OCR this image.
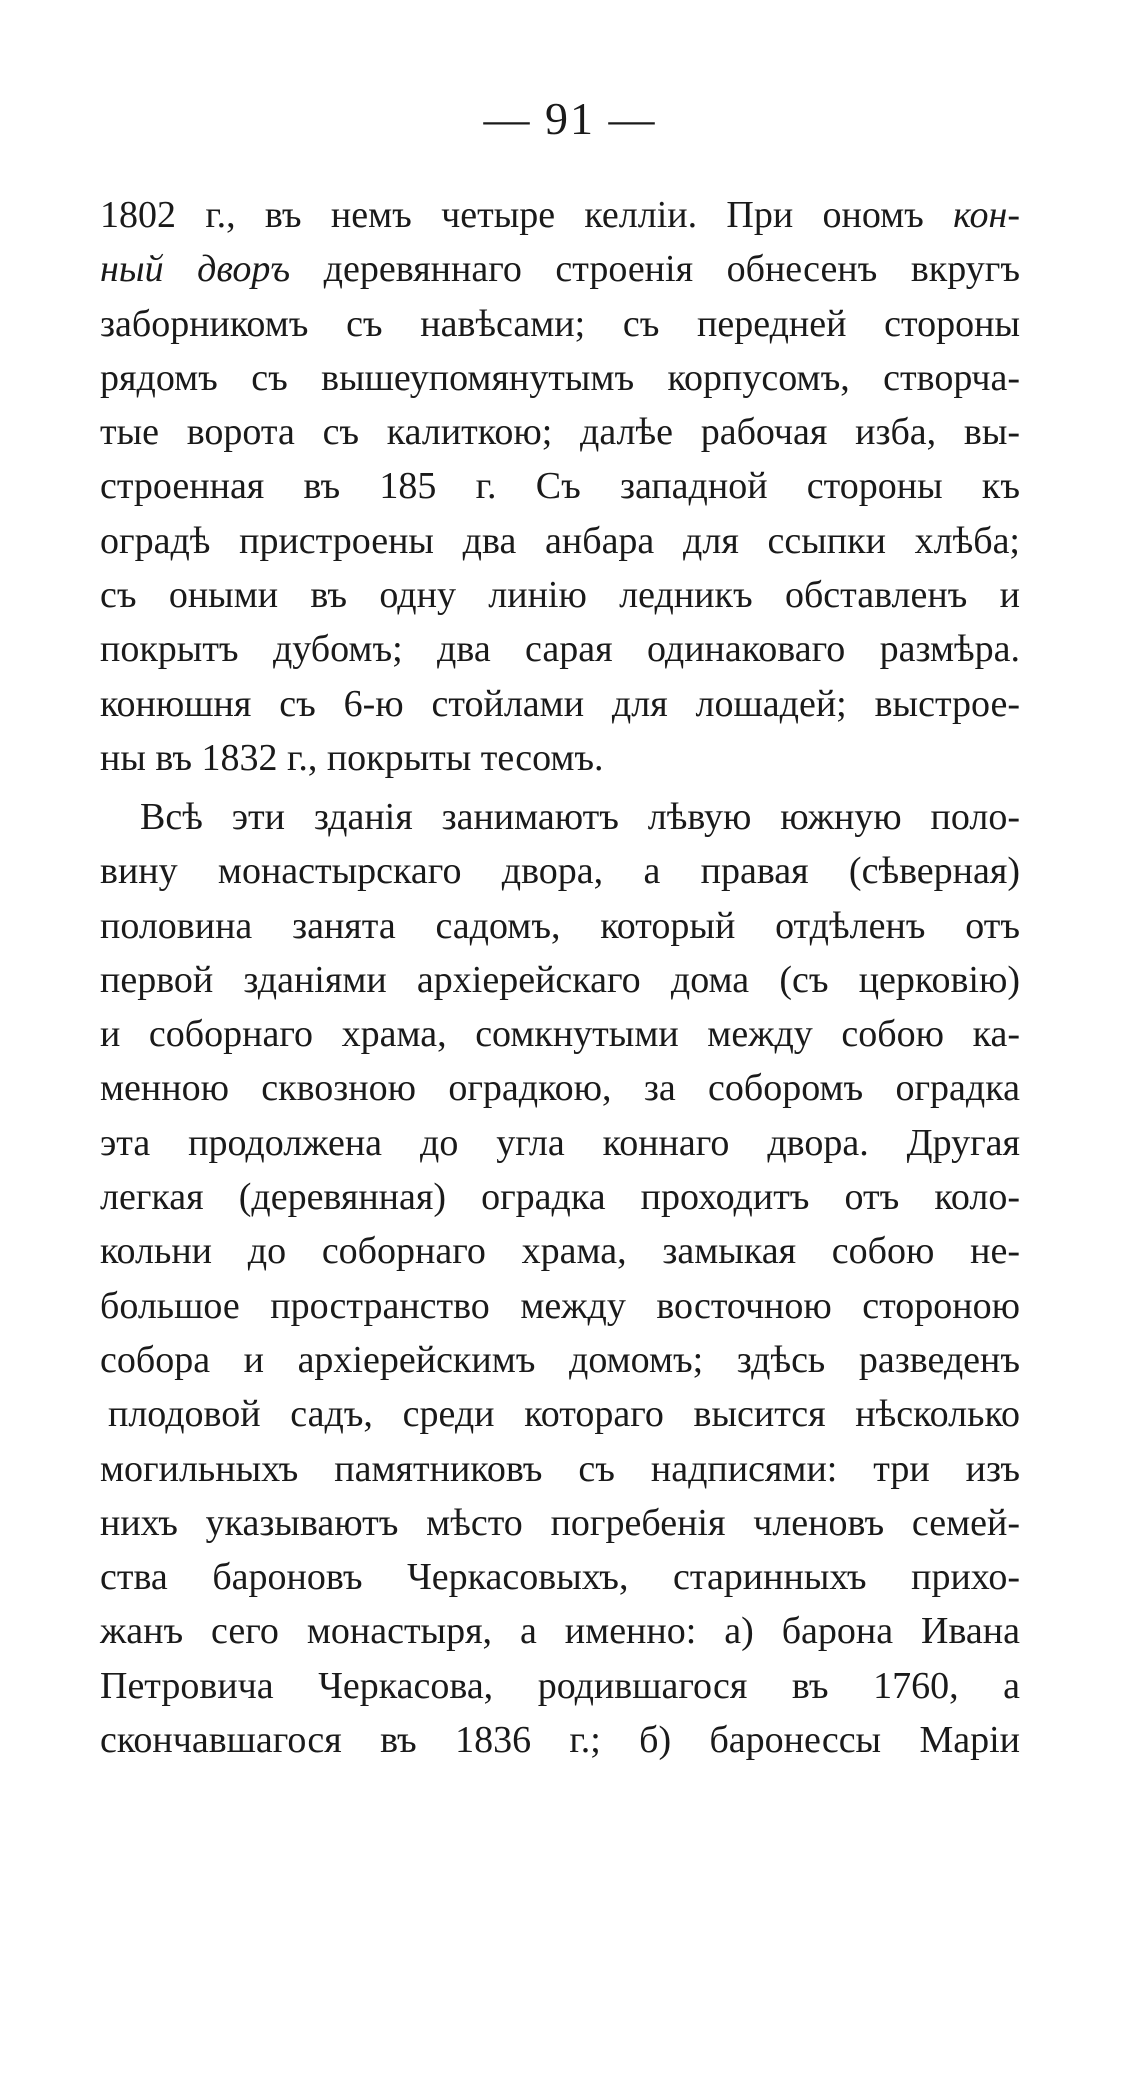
— 91 —
1802 г., въ немъ четыре келліи. При ономъ кон-
ный дворъ деревяннаго строенія обнесенъ вкругъ
заборникомъ съ навѣсами; съ передней стороны
рядомъ съ вышеупомянутымъ корпусомъ, створча-
тые ворота съ калиткою; далѣе рабочая изба, вы-
строенная въ 185 г. Съ западной стороны къ
оградѣ пристроены два анбара для ссыпки хлѣба;
съ оными въ одну линію ледникъ обставленъ и
покрытъ дубомъ; два сарая одинаковаго размѣра.
конюшня съ 6-ю стойлами для лошадей; выстрое-
ны въ 1832 г., покрыты тесомъ.
Всѣ эти зданія занимаютъ лѣвую южную поло-
вину монастырскаго двора, а правая (сѣверная)
половина занята садомъ, который отдѣленъ отъ
первой зданіями архіерейскаго дома (съ церковію)
и соборнаго храма, сомкнутыми между собою ка-
менною сквозною оградкою, за соборомъ оградка
эта продолжена до угла коннаго двора. Другая
легкая (деревянная) оградка проходитъ отъ коло-
кольни до соборнаго храма, замыкая собою не-
большое пространство между восточною стороною
собора и архіерейскимъ домомъ; здѣсь разведенъ
плодовой садъ, среди котораго высится нѣсколько
могильныхъ памятниковъ съ надписями: три изъ
нихъ указываютъ мѣсто погребенія членовъ семей-
ства бароновъ Черкасовыхъ, старинныхъ прихо-
жанъ сего монастыря, а именно: а) барона Ивана
Петровича Черкасова, родившагося въ 1760, а
скончавшагося въ 1836 г.; б) баронессы Маріи
